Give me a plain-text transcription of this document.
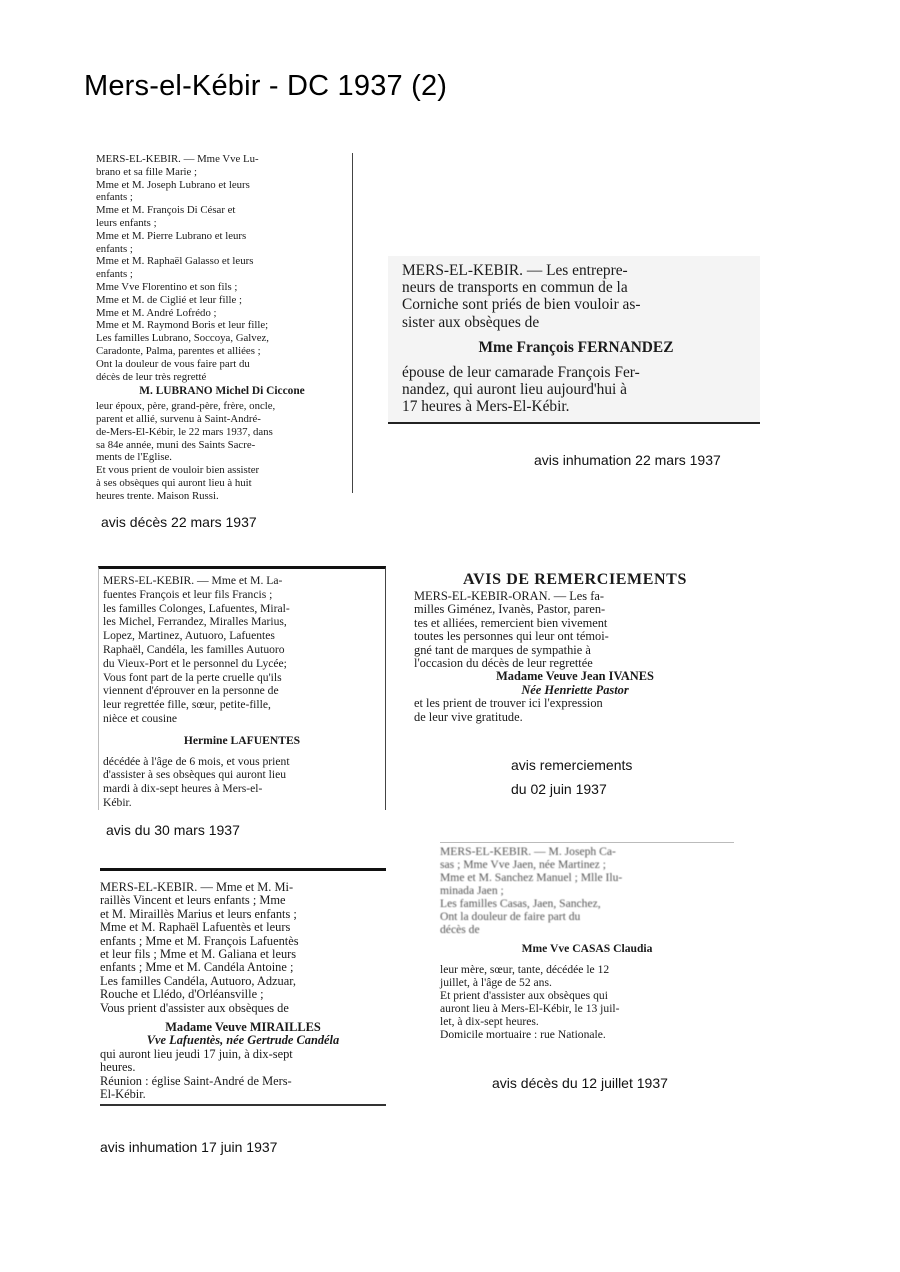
Mers-el-Kébir - DC 1937 (2)

MERS-EL-KEBIR. — Mme Vve Lu-

brano et sa fille Marie ;

Mme et M. Joseph Lubrano et leurs

enfants ;

Mme et M. François Di César et

leurs enfants ;

Mme et M. Pierre Lubrano et leurs

enfants ;

Mme et M. Raphaël Galasso et leurs

enfants ;

Mme Vve Florentino et son fils ;

Mme et M. de Ciglié et leur fille ;

Mme et M. André Lofrédo ;

Mme et M. Raymond Boris et leur fille;

Les familles Lubrano, Soccoya, Galvez,

Caradonte, Palma, parentes et alliées ;

Ont la douleur de vous faire part du

décès de leur très regretté

M. LUBRANO Michel Di Ciccone

leur époux, père, grand-père, frère, oncle,

parent et allié, survenu à Saint-André-

de-Mers-El-Kébir, le 22 mars 1937, dans

sa 84e année, muni des Saints Sacre-

ments de l'Eglise.

Et vous prient de vouloir bien assister

à ses obsèques qui auront lieu à huit

heures trente. Maison Russi.

avis décès 22 mars 1937

MERS-EL-KEBIR. — Les entrepre-

neurs de transports en commun de la

Corniche sont priés de bien vouloir as-

sister aux obsèques de

Mme François FERNANDEZ

épouse de leur camarade François Fer-

nandez, qui auront lieu aujourd'hui à

17 heures à Mers-El-Kébir.

avis inhumation 22 mars 1937

MERS-EL-KEBIR. — Mme et M. La-

fuentes François et leur fils Francis ;

les familles Colonges, Lafuentes, Miral-

les Michel, Ferrandez, Miralles Marius,

Lopez, Martinez, Autuoro, Lafuentes

Raphaël, Candéla, les familles Autuoro

du Vieux-Port et le personnel du Lycée;

Vous font part de la perte cruelle qu'ils

viennent d'éprouver en la personne de

leur regrettée fille, sœur, petite-fille,

nièce et cousine

Hermine LAFUENTES

décédée à l'âge de 6 mois, et vous prient

d'assister à ses obsèques qui auront lieu

mardi à dix-sept heures à Mers-el-

Kébir.

avis du 30 mars 1937

AVIS DE REMERCIEMENTS

MERS-EL-KEBIR-ORAN. — Les fa-

milles Giménez, Ivanès, Pastor, paren-

tes et alliées, remercient bien vivement

toutes les personnes qui leur ont témoi-

gné tant de marques de sympathie à

l'occasion du décès de leur regrettée

Madame Veuve Jean IVANES

Née Henriette Pastor

et les prient de trouver ici l'expression

de leur vive gratitude.

avis remerciements
du 02 juin 1937

MERS-EL-KEBIR. — Mme et M. Mi-

raillès Vincent et leurs enfants ; Mme

et M. Miraillès Marius et leurs enfants ;

Mme et M. Raphaël Lafuentès et leurs

enfants ; Mme et M. François Lafuentès

et leur fils ; Mme et M. Galiana et leurs

enfants ; Mme et M. Candéla Antoine ;

Les familles Candéla, Autuoro, Adzuar,

Rouche et Llédo, d'Orléansville ;

Vous prient d'assister aux obsèques de

Madame Veuve MIRAILLES

Vve Lafuentès, née Gertrude Candéla

qui auront lieu jeudi 17 juin, à dix-sept

heures.

Réunion : église Saint-André de Mers-

El-Kébir.

avis inhumation 17 juin 1937

MERS-EL-KEBIR. — M. Joseph Ca-

sas ; Mme Vve Jaen, née Martinez ;

Mme et M. Sanchez Manuel ; Mlle Ilu-

minada Jaen ;

Les familles Casas, Jaen, Sanchez,

Ont la douleur de faire part du

décès de

Mme Vve CASAS Claudia

leur mère, sœur, tante, décédée le 12

juillet, à l'âge de 52 ans.

Et prient d'assister aux obsèques qui

auront lieu à Mers-El-Kébir, le 13 juil-

let, à dix-sept heures.

Domicile mortuaire : rue Nationale.

avis décès du 12 juillet 1937
